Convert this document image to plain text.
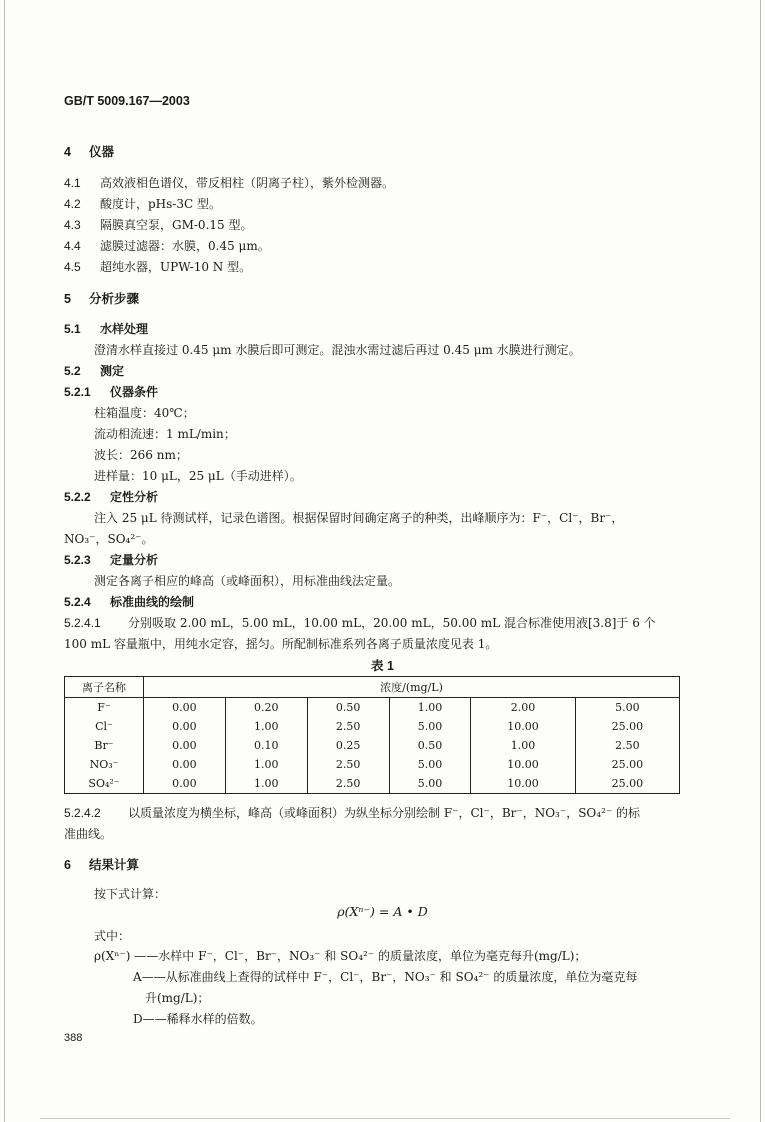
GB/T 5009.167—2003
4 仪器
4.1 高效液相色谱仪，带反相柱（阴离子柱），紫外检测器。
4.2 酸度计，pHs-3C 型。
4.3 隔膜真空泵，GM-0.15 型。
4.4 滤膜过滤器：水膜，0.45 μm。
4.5 超纯水器，UPW-10 N 型。
5 分析步骤
5.1 水样处理
澄清水样直接过 0.45 μm 水膜后即可测定。混浊水需过滤后再过 0.45 μm 水膜进行测定。
5.2 测定
5.2.1 仪器条件
柱箱温度：40℃；
流动相流速：1 mL/min；
波长：266 nm；
进样量：10 μL，25 μL（手动进样）。
5.2.2 定性分析
注入 25 μL 待测试样，记录色谱图。根据保留时间确定离子的种类，出峰顺序为：F⁻，Cl⁻，Br⁻，
NO₃⁻，SO₄²⁻。
5.2.3 定量分析
测定各离子相应的峰高（或峰面积），用标准曲线法定量。
5.2.4 标准曲线的绘制
5.2.4.1 分别吸取 2.00 mL，5.00 mL，10.00 mL，20.00 mL，50.00 mL 混合标准使用液[3.8]于 6 个
100 mL 容量瓶中，用纯水定容，摇匀。所配制标准系列各离子质量浓度见表 1。
表 1
离子名称	浓度/(mg/L)					
F⁻	0.00	0.20	0.50	1.00	2.00	5.00
Cl⁻	0.00	1.00	2.50	5.00	10.00	25.00
Br⁻	0.00	0.10	0.25	0.50	1.00	2.50
NO₃⁻	0.00	1.00	2.50	5.00	10.00	25.00
SO₄²⁻	0.00	1.00	2.50	5.00	10.00	25.00
5.2.4.2 以质量浓度为横坐标，峰高（或峰面积）为纵坐标分别绘制 F⁻，Cl⁻，Br⁻，NO₃⁻，SO₄²⁻ 的标
准曲线。
6 结果计算
按下式计算：
ρ(Xⁿ⁻) = A • D
式中：
ρ(Xⁿ⁻) ——水样中 F⁻，Cl⁻，Br⁻，NO₃⁻ 和 SO₄²⁻ 的质量浓度，单位为毫克每升(mg/L)；
A——从标准曲线上查得的试样中 F⁻，Cl⁻，Br⁻，NO₃⁻ 和 SO₄²⁻ 的质量浓度，单位为毫克每
升(mg/L)；
D——稀释水样的倍数。
388
